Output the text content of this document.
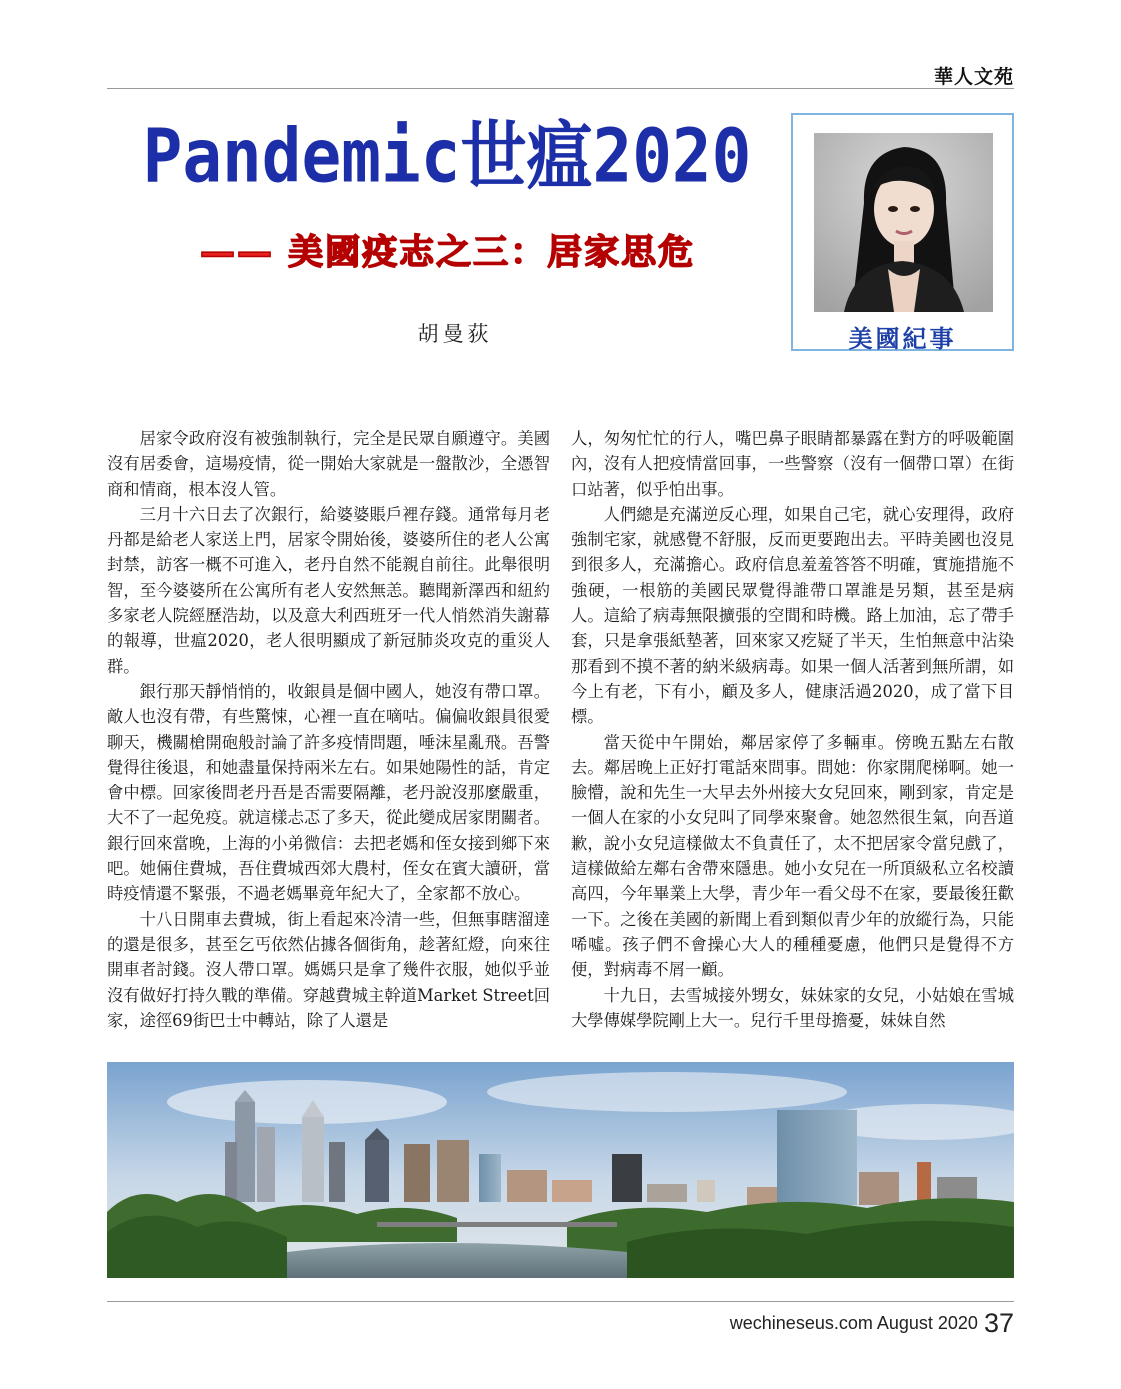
華人文苑
Pandemic世瘟2020
—— 美國疫志之三：居家思危
胡曼荻	美國紀事

居家令政府沒有被強制執行，完全是民眾自願遵守。美國沒有居委會，這場疫情，從一開始大家就是一盤散沙，全憑智商和情商，根本沒人管。

三月十六日去了次銀行，給婆婆賬戶裡存錢。通常每月老丹都是給老人家送上門，居家令開始後，婆婆所住的老人公寓封禁，訪客一概不可進入，老丹自然不能親自前往。此舉很明智，至今婆婆所在公寓所有老人安然無恙。聽聞新澤西和紐約多家老人院經歷浩劫，以及意大利西班牙一代人悄然消失謝幕的報導，世瘟2020，老人很明顯成了新冠肺炎攻克的重災人群。

銀行那天靜悄悄的，收銀員是個中國人，她沒有帶口罩。敵人也沒有帶，有些驚悚，心裡一直在嘀咕。偏偏收銀員很愛聊天，機關槍開砲般討論了許多疫情問題，唾沫星亂飛。吾警覺得往後退，和她盡量保持兩米左右。如果她陽性的話，肯定會中標。回家後問老丹吾是否需要隔離，老丹說沒那麼嚴重，大不了一起免疫。就這樣忐忑了多天，從此變成居家閉關者。銀行回來當晚，上海的小弟微信：去把老媽和侄女接到鄉下來吧。她倆住費城，吾住費城西郊大農村，侄女在賓大讀研，當時疫情還不緊張，不過老媽畢竟年紀大了，全家都不放心。

十八日開車去費城，街上看起來冷清一些，但無事瞎溜達的還是很多，甚至乞丐依然佔據各個街角，趁著紅燈，向來往開車者討錢。沒人帶口罩。媽媽只是拿了幾件衣服，她似乎並沒有做好打持久戰的準備。穿越費城主幹道Market Street回家，途徑69街巴士中轉站，除了人還是

人，匆匆忙忙的行人，嘴巴鼻子眼睛都暴露在對方的呼吸範圍內，沒有人把疫情當回事，一些警察（沒有一個帶口罩）在街口站著，似乎怕出事。

人們總是充滿逆反心理，如果自己宅，就心安理得，政府強制宅家，就感覺不舒服，反而更要跑出去。平時美國也沒見到很多人，充滿擔心。政府信息羞羞答答不明確，實施措施不強硬，一根筋的美國民眾覺得誰帶口罩誰是另類，甚至是病人。這給了病毒無限擴張的空間和時機。路上加油，忘了帶手套，只是拿張紙墊著，回來家又疙疑了半天，生怕無意中沾染那看到不摸不著的納米級病毒。如果一個人活著到無所謂，如今上有老，下有小，顧及多人，健康活過2020，成了當下目標。

當天從中午開始，鄰居家停了多輛車。傍晚五點左右散去。鄰居晚上正好打電話來問事。問她：你家開爬梯啊。她一臉懵，說和先生一大早去外州接大女兒回來，剛到家，肯定是一個人在家的小女兒叫了同學來聚會。她忽然很生氣，向吾道歉，說小女兒這樣做太不負責任了，太不把居家令當兒戲了，這樣做給左鄰右舍帶來隱患。她小女兒在一所頂級私立名校讀高四，今年畢業上大學，青少年一看父母不在家，要最後狂歡一下。之後在美國的新聞上看到類似青少年的放縱行為，只能唏噓。孩子們不會操心大人的種種憂慮，他們只是覺得不方便，對病毒不屑一顧。

十九日，去雪城接外甥女，妹妹家的女兒，小姑娘在雪城大學傳媒學院剛上大一。兒行千里母擔憂，妹妹自然

wechineseus.com August 2020 37
